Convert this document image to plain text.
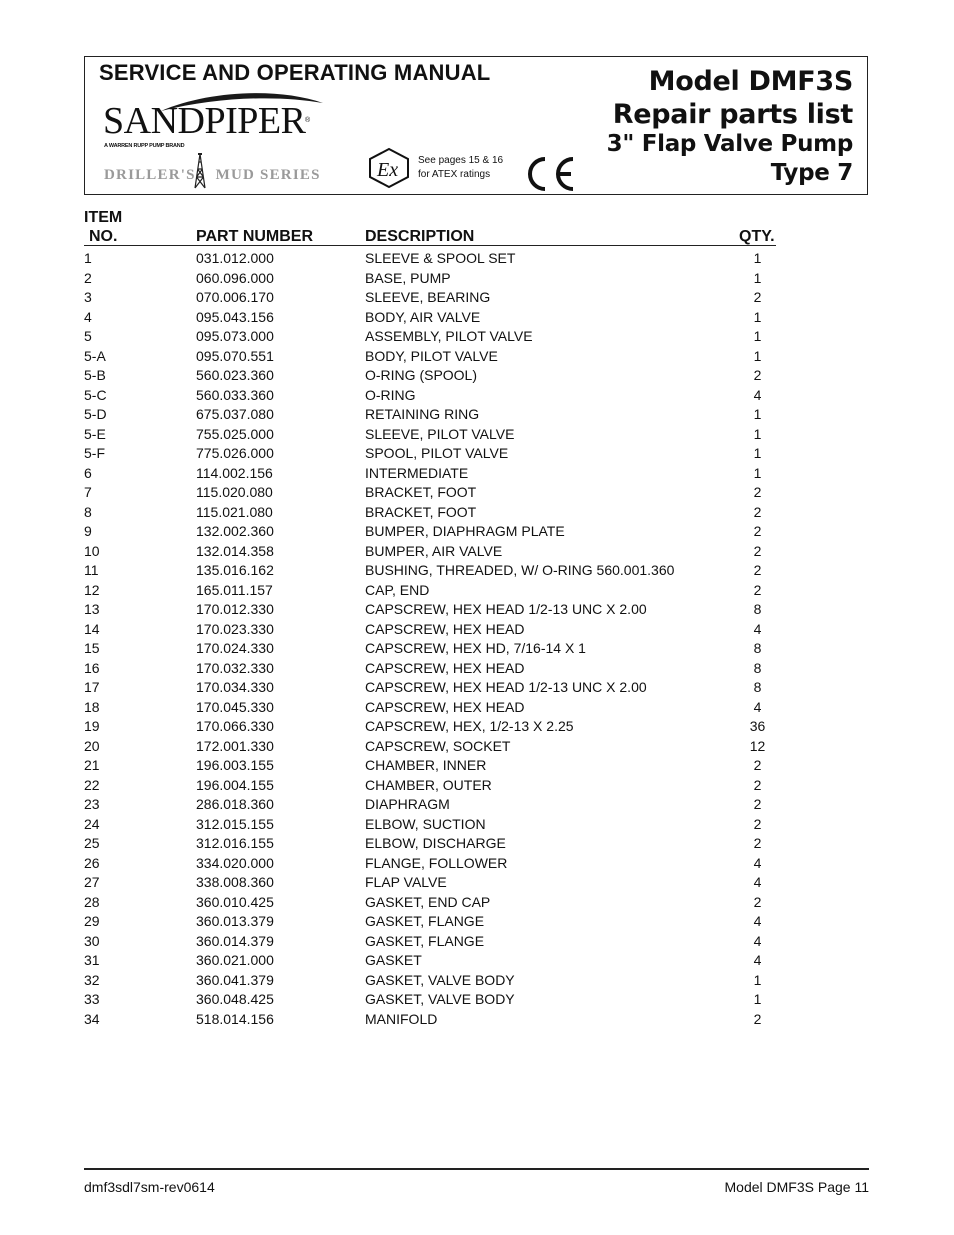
SERVICE AND OPERATING MANUAL
SANDPIPER ®
A WARREN RUPP PUMP BRAND
DRILLER'S MUD SERIES	Ex See pages 15 & 16
for ATEX ratings
Model DMF3S
Repair parts list
3" Flap Valve Pump
Type 7
ITEM
NO.	PART NUMBER	DESCRIPTION	QTY.
1	031.012.000	SLEEVE & SPOOL SET	1
2	060.096.000	BASE, PUMP	1
3	070.006.170	SLEEVE, BEARING	2
4	095.043.156	BODY, AIR VALVE	1
5	095.073.000	ASSEMBLY, PILOT VALVE	1
5-A	095.070.551	BODY, PILOT VALVE	1
5-B	560.023.360	O-RING (SPOOL)	2
5-C	560.033.360	O-RING	4
5-D	675.037.080	RETAINING RING	1
5-E	755.025.000	SLEEVE, PILOT VALVE	1
5-F	775.026.000	SPOOL, PILOT VALVE	1
6	114.002.156	INTERMEDIATE	1
7	115.020.080	BRACKET, FOOT	2
8	115.021.080	BRACKET, FOOT	2
9	132.002.360	BUMPER, DIAPHRAGM PLATE	2
10	132.014.358	BUMPER, AIR VALVE	2
11	135.016.162	BUSHING, THREADED, W/ O-RING 560.001.360	2
12	165.011.157	CAP, END	2
13	170.012.330	CAPSCREW, HEX HEAD 1/2-13 UNC X 2.00	8
14	170.023.330	CAPSCREW, HEX HEAD	4
15	170.024.330	CAPSCREW, HEX HD, 7/16-14 X 1	8
16	170.032.330	CAPSCREW, HEX HEAD	8
17	170.034.330	CAPSCREW, HEX HEAD 1/2-13 UNC X 2.00	8
18	170.045.330	CAPSCREW, HEX HEAD	4
19	170.066.330	CAPSCREW, HEX, 1/2-13 X 2.25	36
20	172.001.330	CAPSCREW, SOCKET	12
21	196.003.155	CHAMBER, INNER	2
22	196.004.155	CHAMBER, OUTER	2
23	286.018.360	DIAPHRAGM	2
24	312.015.155	ELBOW, SUCTION	2
25	312.016.155	ELBOW, DISCHARGE	2
26	334.020.000	FLANGE, FOLLOWER	4
27	338.008.360	FLAP VALVE	4
28	360.010.425	GASKET, END CAP	2
29	360.013.379	GASKET, FLANGE	4
30	360.014.379	GASKET, FLANGE	4
31	360.021.000	GASKET	4
32	360.041.379	GASKET, VALVE BODY	1
33	360.048.425	GASKET, VALVE BODY	1
34	518.014.156	MANIFOLD	2
dmf3sdl7sm-rev0614	Model DMF3S Page 11
